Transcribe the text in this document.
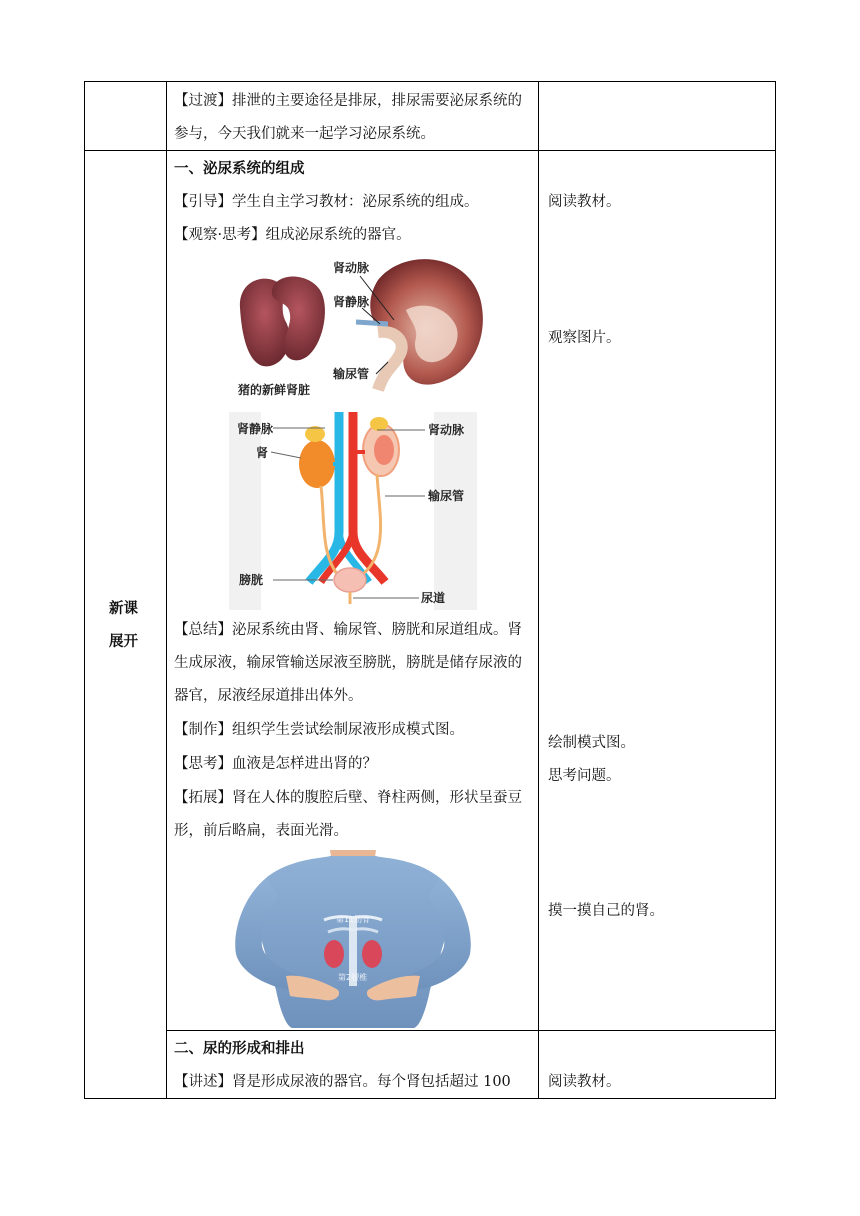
【过渡】排泄的主要途径是排尿，排尿需要泌尿系统的
参与，今天我们就来一起学习泌尿系统。
新课
展开
一、泌尿系统的组成
【引导】学生自主学习教材：泌尿系统的组成。
【观察·思考】组成泌尿系统的器官。
肾动脉
肾静脉
输尿管
猪的新鲜肾脏
肾静脉
肾
肾动脉
输尿管
膀胱
尿道
【总结】泌尿系统由肾、输尿管、膀胱和尿道组成。肾
生成尿液，输尿管输送尿液至膀胱，膀胱是储存尿液的
器官，尿液经尿道排出体外。
【制作】组织学生尝试绘制尿液形成模式图。
【思考】血液是怎样进出肾的？
【拓展】肾在人体的腹腔后壁、脊柱两侧，形状呈蚕豆
形，前后略扁，表面光滑。
第11肋骨
第2腰椎
阅读教材。
观察图片。
绘制模式图。
思考问题。
摸一摸自己的肾。
二、尿的形成和排出
【讲述】肾是形成尿液的器官。每个肾包括超过 100	阅读教材。
